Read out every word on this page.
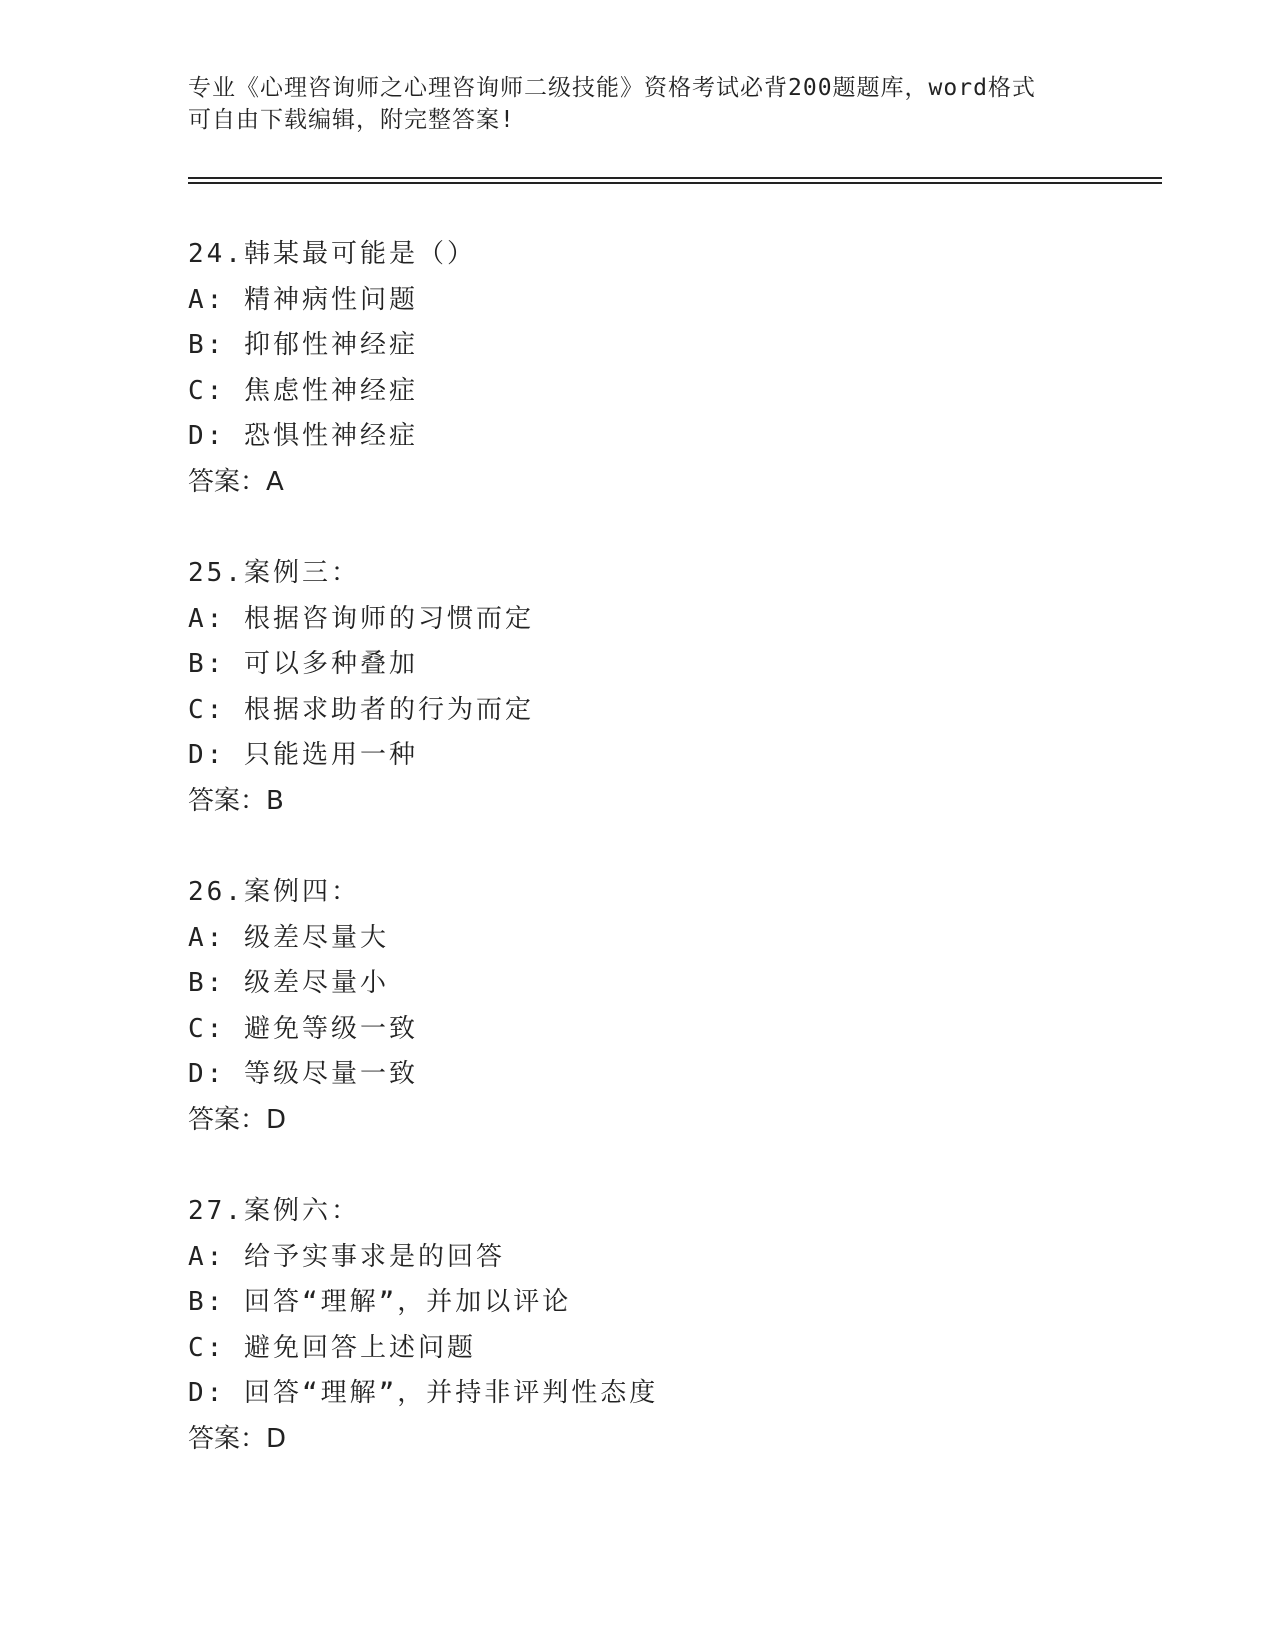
专业《心理咨询师之心理咨询师二级技能》资格考试必背200题题库，word格式
可自由下载编辑，附完整答案!
24.韩某最可能是（）
A: 精神病性问题
B: 抑郁性神经症
C: 焦虑性神经症
D: 恐惧性神经症
答案：A
25.案例三：
A: 根据咨询师的习惯而定
B: 可以多种叠加
C: 根据求助者的行为而定
D: 只能选用一种
答案：B
26.案例四：
A: 级差尽量大
B: 级差尽量小
C: 避免等级一致
D: 等级尽量一致
答案：D
27.案例六：
A: 给予实事求是的回答
B: 回答“理解”，并加以评论
C: 避免回答上述问题
D: 回答“理解”，并持非评判性态度
答案：D
